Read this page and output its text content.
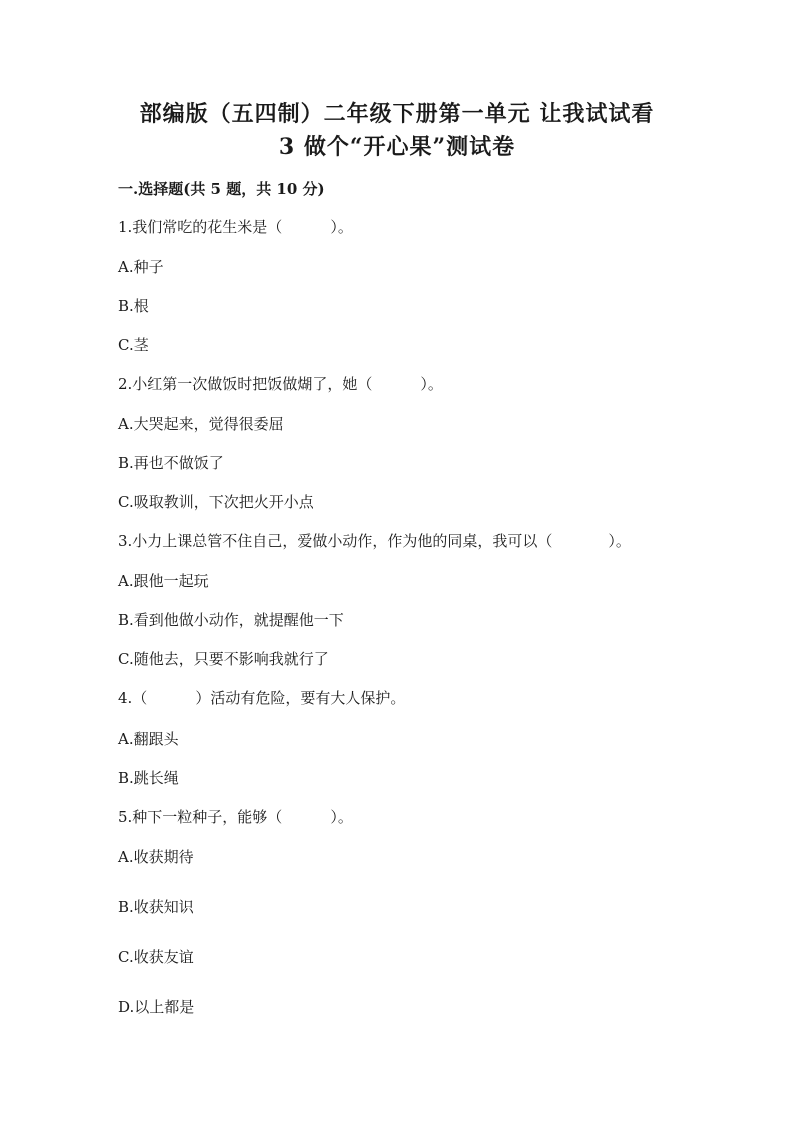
部编版（五四制）二年级下册第一单元 让我试试看
3 做个“开心果”测试卷
一.选择题(共 5 题，共 10 分)
1.我们常吃的花生米是（	）。
A.种子
B.根
C.茎
2.小红第一次做饭时把饭做煳了，她（	）。
A.大哭起来，觉得很委屈
B.再也不做饭了
C.吸取教训，下次把火开小点
3.小力上课总管不住自己，爱做小动作，作为他的同桌，我可以（	）。
A.跟他一起玩
B.看到他做小动作，就提醒他一下
C.随他去，只要不影响我就行了
4.（	）活动有危险，要有大人保护。
A.翻跟头
B.跳长绳
5.种下一粒种子，能够（	）。
A.收获期待
B.收获知识
C.收获友谊
D.以上都是
